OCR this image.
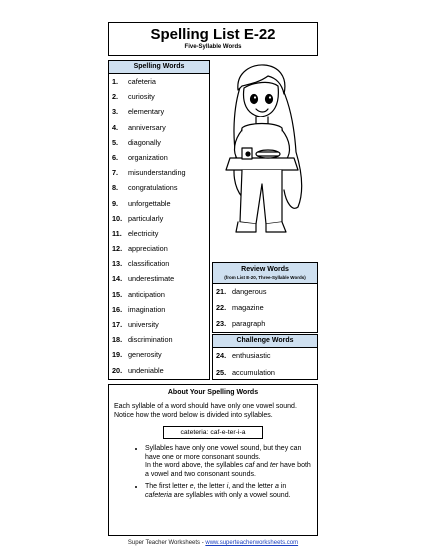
Spelling List E-22
Five-Syllable Words
Spelling Words
1.	cafeteria
2.	curiosity
3.	elementary
4.	anniversary
5.	diagonally
6.	organization
7.	misunderstanding
8.	congratulations
9.	unforgettable
10. particularly
11. electricity
12. appreciation
13. classification
14. underestimate
15. anticipation
16. imagination
17. university
18. discrimination
19. generosity
20. undeniable
Review Words
(from List E-20, Three-Syllable Words)
21. dangerous
22. magazine
23. paragraph
Challenge Words
24. enthusiastic
25. accumulation
About Your Spelling Words
Each syllable of a word should have only one vowel sound. Notice how the word below is divided into syllables.
cateteria: caf-e-ter-i-a
• Syllables have only one vowel sound, but they can have one or more consonant sounds.
In the word above, the syllables caf and ter have both a vowel and two consonant sounds.
• The first letter e, the letter i, and the letter a in cafeteria are syllables with only a vowel sound.
Super Teacher Worksheets - www.superteacherworksheets.com
